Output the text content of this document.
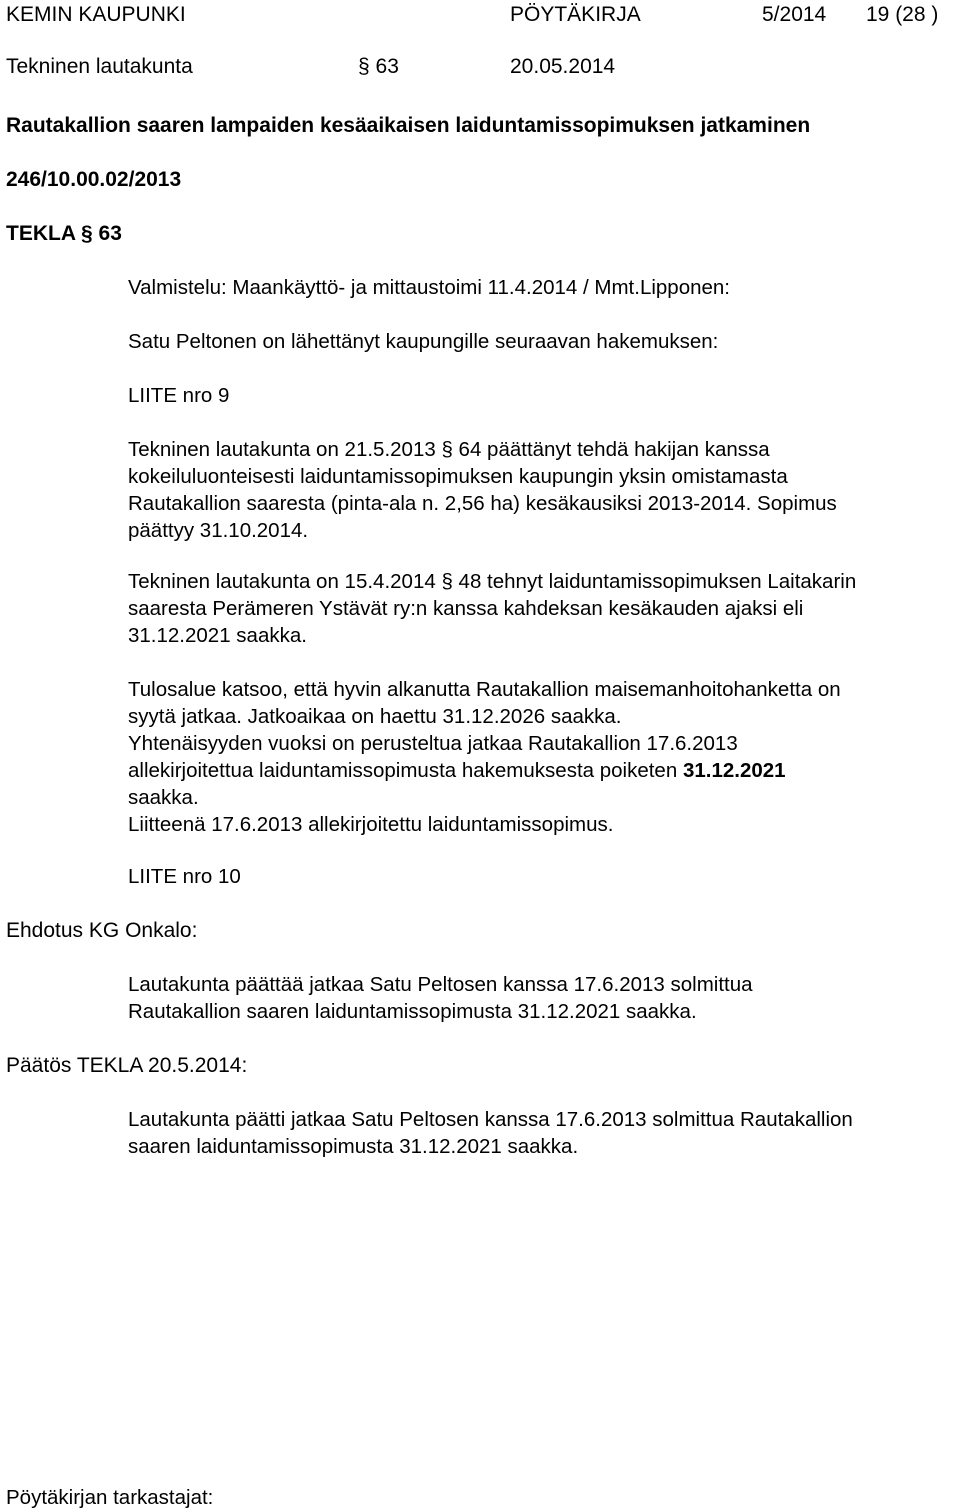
KEMIN KAUPUNKI	PÖYTÄKIRJA	5/2014 19 (28 )
Tekninen lautakunta	§ 63	20.05.2014
Rautakallion saaren lampaiden kesäaikaisen laiduntamissopimuksen jatkaminen
246/10.00.02/2013
TEKLA § 63
Valmistelu: Maankäyttö- ja mittaustoimi 11.4.2014 / Mmt.Lipponen:
Satu Peltonen on lähettänyt kaupungille seuraavan hakemuksen:
LIITE nro 9
Tekninen lautakunta on 21.5.2013 § 64 päättänyt tehdä hakijan kanssa
kokeiluluonteisesti laiduntamissopimuksen kaupungin yksin omistamasta
Rautakallion saaresta (pinta-ala n. 2,56 ha) kesäkausiksi 2013-2014. Sopimus
päättyy 31.10.2014.
Tekninen lautakunta on 15.4.2014 § 48 tehnyt laiduntamissopimuksen Laitakarin
saaresta Perämeren Ystävät ry:n kanssa kahdeksan kesäkauden ajaksi eli
31.12.2021 saakka.
Tulosalue katsoo, että hyvin alkanutta Rautakallion maisemanhoitohanketta on
syytä jatkaa. Jatkoaikaa on haettu 31.12.2026 saakka.
Yhtenäisyyden vuoksi on perusteltua jatkaa Rautakallion 17.6.2013
allekirjoitettua laiduntamissopimusta hakemuksesta poiketen 31.12.2021
saakka.
Liitteenä 17.6.2013 allekirjoitettu laiduntamissopimus.
LIITE nro 10
Ehdotus KG Onkalo:
Lautakunta päättää jatkaa Satu Peltosen kanssa 17.6.2013 solmittua
Rautakallion saaren laiduntamissopimusta 31.12.2021 saakka.
Päätös TEKLA 20.5.2014:
Lautakunta päätti jatkaa Satu Peltosen kanssa 17.6.2013 solmittua Rautakallion
saaren laiduntamissopimusta 31.12.2021 saakka.
Pöytäkirjan tarkastajat:
